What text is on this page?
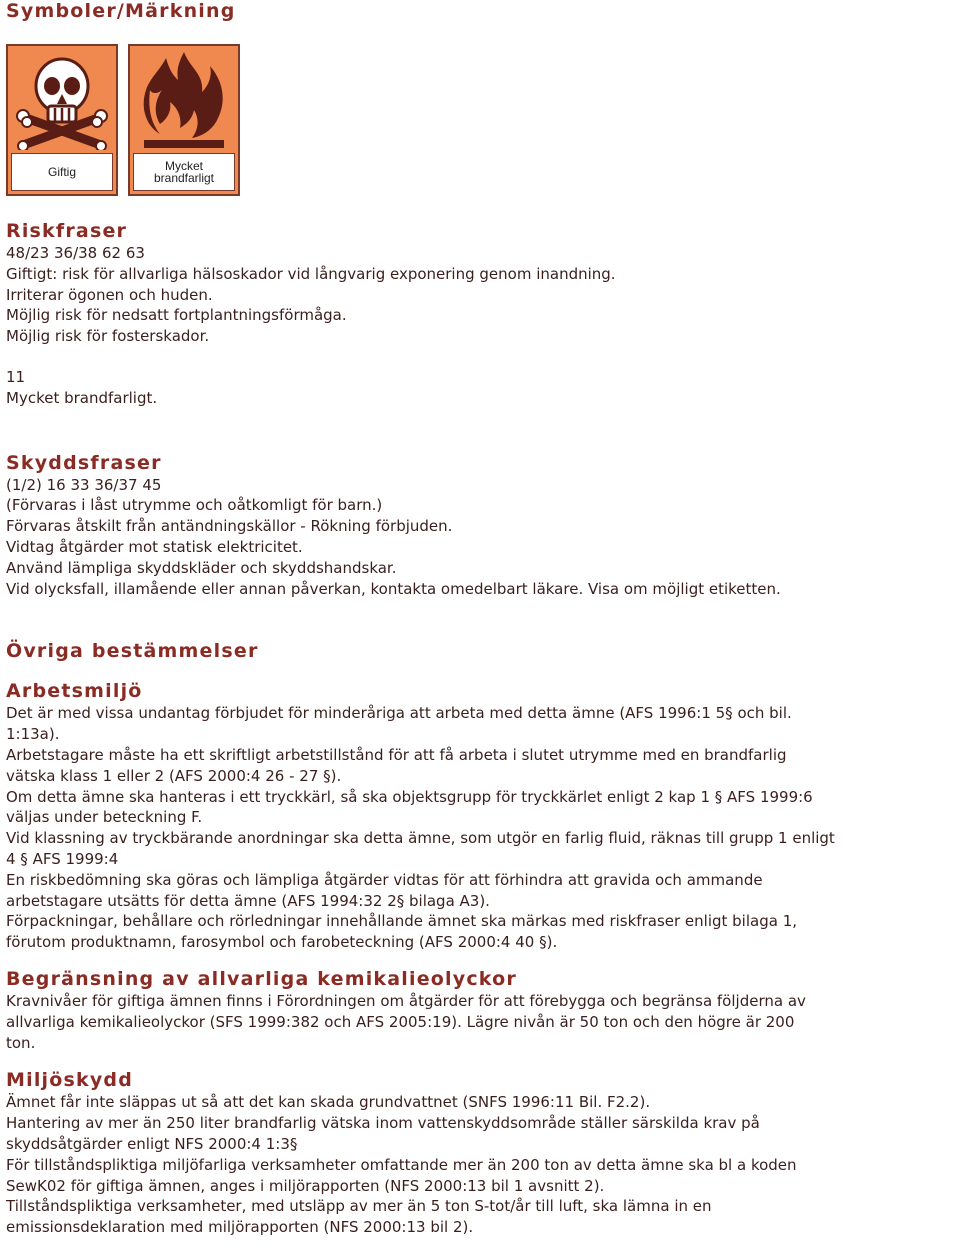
Symboler/Märkning
Giftig	Mycket
brandfarligt
Riskfraser

48/23 36/38 62 63

Giftigt: risk för allvarliga hälsoskador vid långvarig exponering genom inandning.

Irriterar ögonen och huden.

Möjlig risk för nedsatt fortplantningsförmåga.

Möjlig risk för fosterskador.

11

Mycket brandfarligt.

Skyddsfraser

(1/2) 16 33 36/37 45

(Förvaras i låst utrymme och oåtkomligt för barn.)

Förvaras åtskilt från antändningskällor - Rökning förbjuden.

Vidtag åtgärder mot statisk elektricitet.

Använd lämpliga skyddskläder och skyddshandskar.

Vid olycksfall, illamående eller annan påverkan, kontakta omedelbart läkare. Visa om möjligt etiketten.

Övriga bestämmelser
Arbetsmiljö

Det är med vissa undantag förbjudet för minderåriga att arbeta med detta ämne (AFS 1996:1 5§ och bil.

1:13a).

Arbetstagare måste ha ett skriftligt arbetstillstånd för att få arbeta i slutet utrymme med en brandfarlig

vätska klass 1 eller 2 (AFS 2000:4 26 - 27 §).

Om detta ämne ska hanteras i ett tryckkärl, så ska objektsgrupp för tryckkärlet enligt 2 kap 1 § AFS 1999:6

väljas under beteckning F.

Vid klassning av tryckbärande anordningar ska detta ämne, som utgör en farlig fluid, räknas till grupp 1 enligt

4 § AFS 1999:4

En riskbedömning ska göras och lämpliga åtgärder vidtas för att förhindra att gravida och ammande

arbetstagare utsätts för detta ämne (AFS 1994:32 2§ bilaga A3).

Förpackningar, behållare och rörledningar innehållande ämnet ska märkas med riskfraser enligt bilaga 1,

förutom produktnamn, farosymbol och farobeteckning (AFS 2000:4 40 §).

Begränsning av allvarliga kemikalieolyckor

Kravnivåer för giftiga ämnen finns i Förordningen om åtgärder för att förebygga och begränsa följderna av

allvarliga kemikalieolyckor (SFS 1999:382 och AFS 2005:19). Lägre nivån är 50 ton och den högre är 200

ton.

Miljöskydd

Ämnet får inte släppas ut så att det kan skada grundvattnet (SNFS 1996:11 Bil. F2.2).

Hantering av mer än 250 liter brandfarlig vätska inom vattenskyddsområde ställer särskilda krav på

skyddsåtgärder enligt NFS 2000:4 1:3§

För tillståndspliktiga miljöfarliga verksamheter omfattande mer än 200 ton av detta ämne ska bl a koden

SewK02 för giftiga ämnen, anges i miljörapporten (NFS 2000:13 bil 1 avsnitt 2).

Tillståndspliktiga verksamheter, med utsläpp av mer än 5 ton S-tot/år till luft, ska lämna in en

emissionsdeklaration med miljörapporten (NFS 2000:13 bil 2).
